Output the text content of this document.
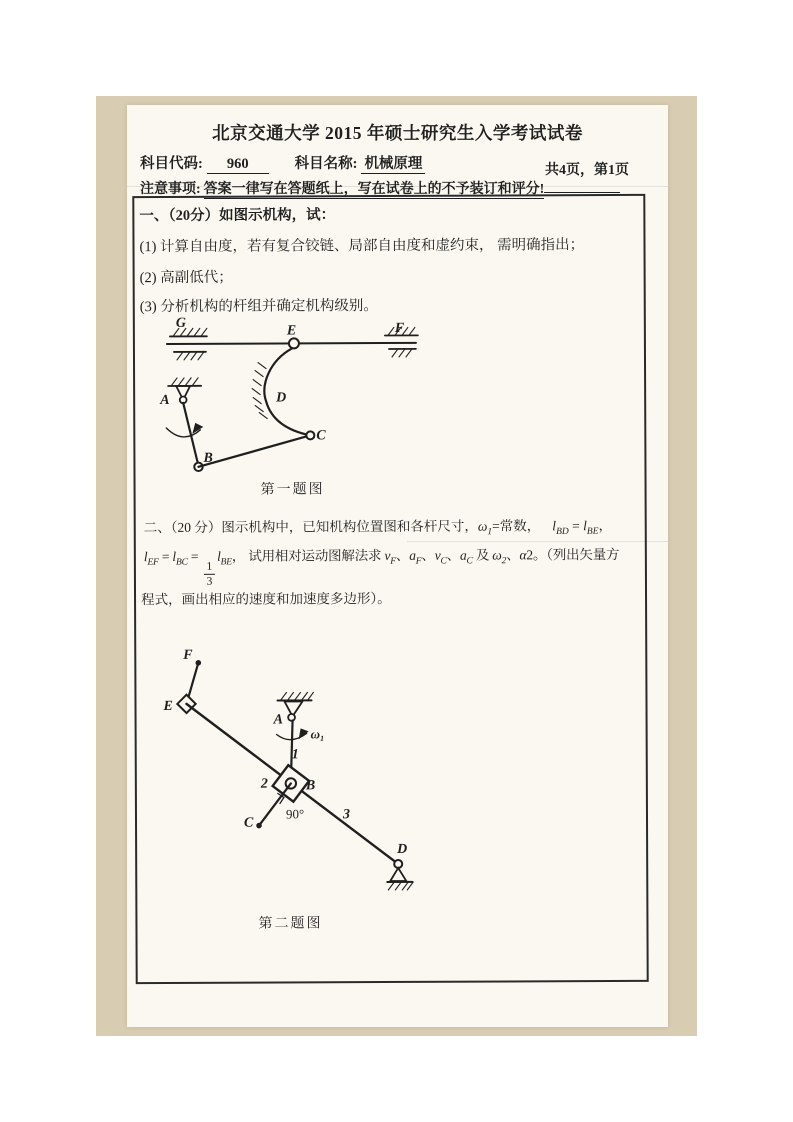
北京交通大学 2015 年硕士研究生入学考试试卷
科目代码: 960	科目名称: 机械原理	共4页，第1页
注意事项: 答案一律写在答题纸上，写在试卷上的不予装订和评分!
一、（20分）如图示机构，试：
(1) 计算自由度，若有复合铰链、局部自由度和虚约束， 需明确指出；
(2) 高副低代；
(3) 分析机构的杆组并确定机构级别。
G	E	F
A	D
B
C
第一题图
二、（20 分）图示机构中，已知机构位置图和各杆尺寸，$\omega_1=$常数， $l_{BD} = l_{BE}$，
$l_{EF} = l_{BC}$ =
$\frac{1}{3}$
$l_{BE}$， 试用相对运动图解法求 $v_F$、$a_F$、$v_C$、$a_C$ 及 $\omega_2$、α2。（列出矢量方
程式，画出相应的速度和加速度多边形）。
F
E
A
ω₁
1
2	B
C
90°	3
D
第二题图
